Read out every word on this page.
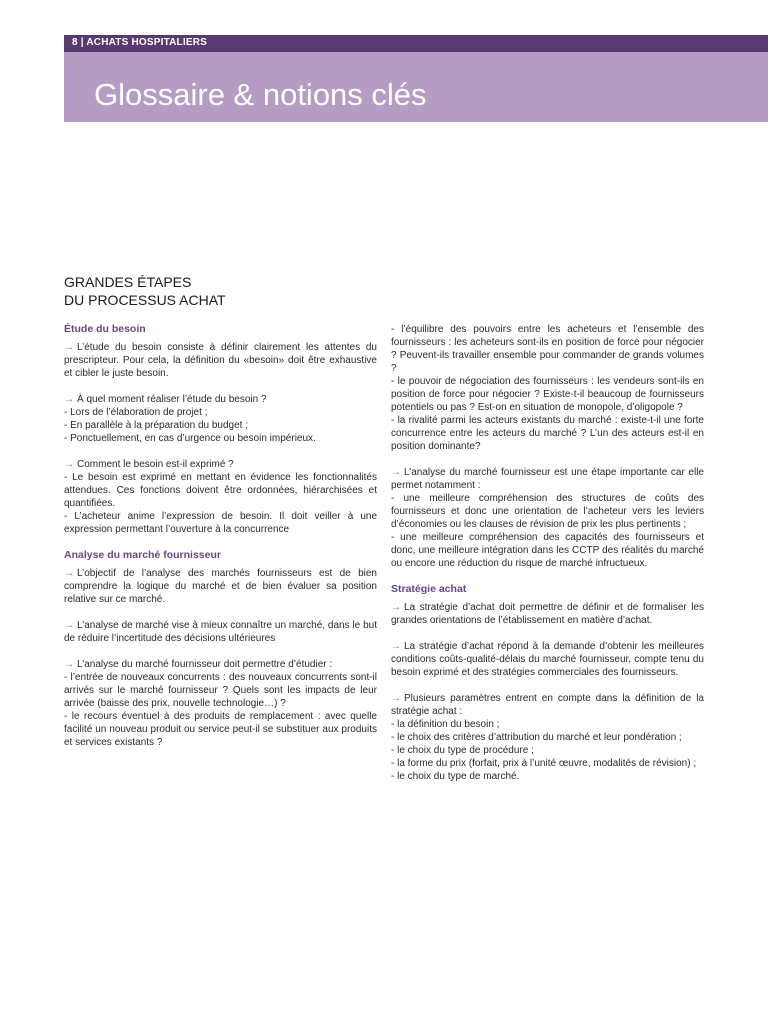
8 | ACHATS HOSPITALIERS
Glossaire & notions clés
GRANDES ÉTAPES
DU PROCESSUS ACHAT
Étude du besoin
→ L’étude du besoin consiste à définir clairement les attentes du prescripteur. Pour cela, la définition du «besoin» doit être exhaustive et cibler le juste besoin.
→ À quel moment réaliser l’étude du besoin ?
- Lors de l’élaboration de projet ;
- En parallèle à la préparation du budget ;
- Ponctuellement, en cas d’urgence ou besoin impérieux.
→ Comment le besoin est-il exprimé ?
- Le besoin est exprimé en mettant en évidence les fonctionnalités attendues. Ces fonctions doivent être ordonnées, hiérarchisées et quantifiées.
- L’acheteur anime l’expression de besoin. Il doit veiller à une expression permettant l’ouverture à la concurrence
Analyse du marché fournisseur
→ L’objectif de l’analyse des marchés fournisseurs est de bien comprendre la logique du marché et de bien évaluer sa position relative sur ce marché.
→ L’analyse de marché vise à mieux connaître un marché, dans le but de réduire l’incertitude des décisions ultérieures
→ L’analyse du marché fournisseur doit permettre d’étudier :
- l’entrée de nouveaux concurrents : des nouveaux concurrents sont-il arrivés sur le marché fournisseur ? Quels sont les impacts de leur arrivée (baisse des prix, nouvelle technologie…) ?
- le recours éventuel à des produits de remplacement : avec quelle facilité un nouveau produit ou service peut-il se substituer aux produits et services existants ?
- l’équilibre des pouvoirs entre les acheteurs et l’ensemble des fournisseurs : les acheteurs sont-ils en position de force pour négocier ? Peuvent-ils travailler ensemble pour commander de grands volumes ?
- le pouvoir de négociation des fournisseurs : les vendeurs sont-ils en position de force pour négocier ? Existe-t-il beaucoup de fournisseurs potentiels ou pas ? Est-on en situation de monopole, d’oligopole ?
- la rivalité parmi les acteurs existants du marché : existe-t-il une forte concurrence entre les acteurs du marché ? L’un des acteurs est-il en position dominante?
→ L’analyse du marché fournisseur est une étape importante car elle permet notamment :
- une meilleure compréhension des structures de coûts des fournisseurs et donc une orientation de l’acheteur vers les leviers d’économies ou les clauses de révision de prix les plus pertinents ;
- une meilleure compréhension des capacités des fournisseurs et donc, une meilleure intégration dans les CCTP des réalités du marché ou encore une réduction du risque de marché infructueux.
Stratégie achat
→ La stratégie d’achat doit permettre de définir et de formaliser les grandes orientations de l’établissement en matière d’achat.
→ La stratégie d’achat répond à la demande d’obtenir les meilleures conditions coûts-qualité-délais du marché fournisseur, compte tenu du besoin exprimé et des stratégies commerciales des fournisseurs.
→ Plusieurs paramètres entrent en compte dans la définition de la stratégie achat :
- la définition du besoin ;
- le choix des critères d’attribution du marché et leur pondération ;
- le choix du type de procédure ;
- la forme du prix (forfait, prix à l’unité œuvre, modalités de révision) ;
- le choix du type de marché.
